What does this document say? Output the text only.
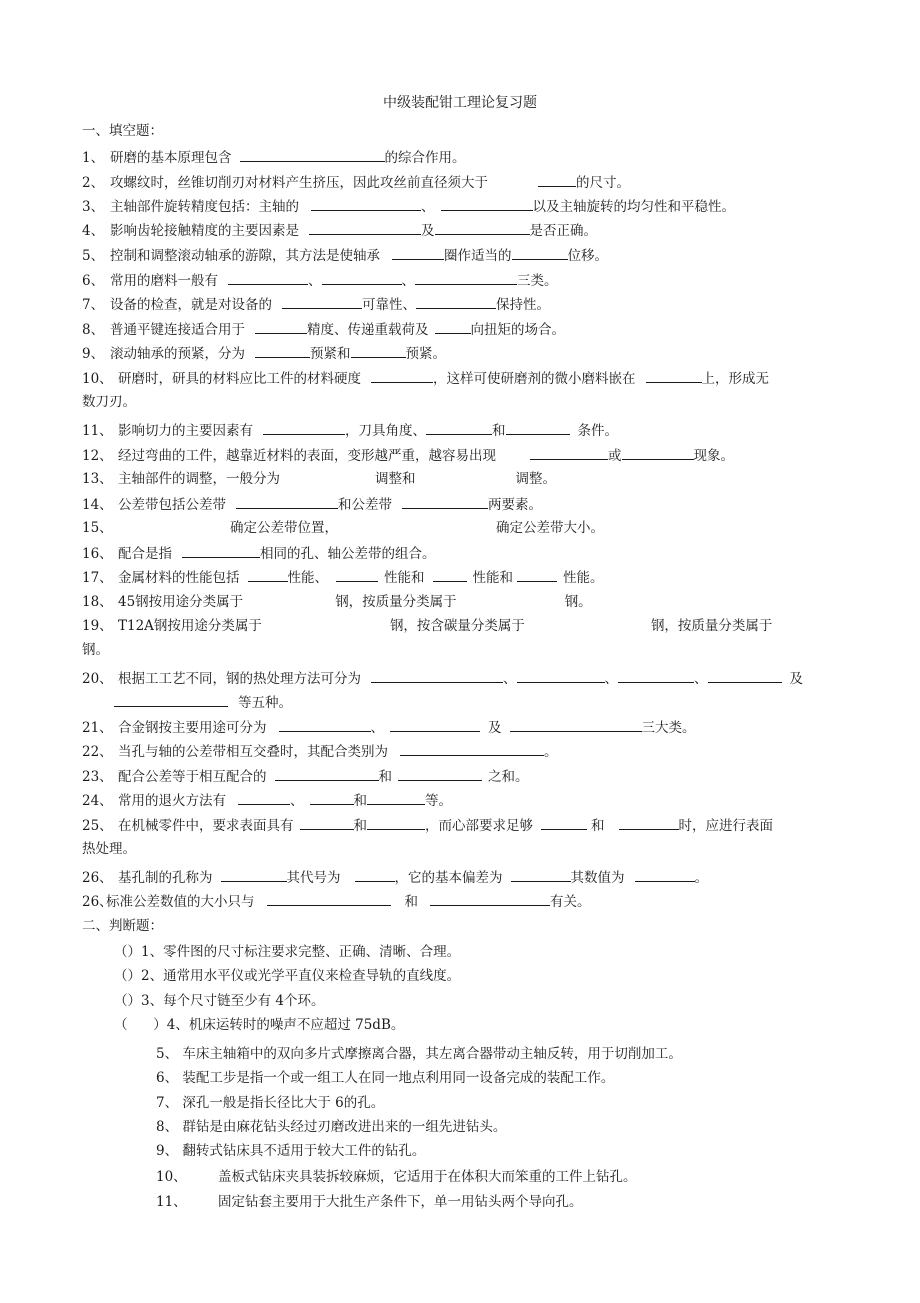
中级装配钳工理论复习题
一、填空题：
1、 研磨的基本原理包含	的综合作用。
2、 攻螺纹时，丝锥切削刃对材料产生挤压，因此攻丝前直径须大于	的尺寸。
3、 主轴部件旋转精度包括：主轴的	、	以及主轴旋转的均匀性和平稳性。
4、 影响齿轮接触精度的主要因素是	及	是否正确。
5、 控制和调整滚动轴承的游隙，其方法是使轴承	圈作适当的	位移。
6、 常用的磨料一般有	、	、	三类。
7、 设备的检查，就是对设备的	可靠性、	保持性。
8、 普通平键连接适合用于	精度、传递重载荷及	向扭矩的场合。
9、 滚动轴承的预紧，分为	预紧和	预紧。
10、 研磨时，研具的材料应比工件的材料硬度	，这样可使研磨剂的微小磨料嵌在	上，形成无
数刀刃。
11、 影响切力的主要因素有	，刀具角度、	和	条件。
12、 经过弯曲的工件，越靠近材料的表面，变形越严重，越容易出现	或	现象。
13、 主轴部件的调整，一般分为	调整和	调整。
14、 公差带包括公差带	和公差带	两要素。
15、	确定公差带位置，	确定公差带大小。
16、 配合是指	相同的孔、轴公差带的组合。
17、 金属材料的性能包括	性能、	性能和	性能和	性能。
18、 45钢按用途分类属于	钢，按质量分类属于	钢。
19、 T12A钢按用途分类属于	钢，按含碳量分类属于	钢，按质量分类属于
钢。
20、 根据工工艺不同，钢的热处理方法可分为	、	、	、	及
等五种。
21、 合金钢按主要用途可分为	、	及	三大类。
22、 当孔与轴的公差带相互交叠时，其配合类别为	。
23、 配合公差等于相互配合的	和	之和。
24、 常用的退火方法有	、	和	等。
25、 在机械零件中，要求表面具有	和	，而心部要求足够	和	时，应进行表面
热处理。
26、 基孔制的孔称为	其代号为	，它的基本偏差为	其数值为	。
26、标准公差数值的大小只与	和	有关。
二、判断题：
（）1、零件图的尺寸标注要求完整、正确、清晰、合理。
（）2、通常用水平仪或光学平直仪来检查导轨的直线度。
（）3、每个尺寸链至少有 4个环。
（      ）4、机床运转时的噪声不应超过 75dB。
5、 车床主轴箱中的双向多片式摩擦离合器，其左离合器带动主轴反转，用于切削加工。
6、 装配工步是指一个或一组工人在同一地点利用同一设备完成的装配工作。
7、 深孔一般是指长径比大于 6的孔。
8、 群钻是由麻花钻头经过刃磨改进出来的一组先进钻头。
9、 翻转式钻床具不适用于较大工件的钻孔。
10、 盖板式钻床夹具装拆较麻烦，它适用于在体积大而笨重的工件上钻孔。
11、 固定钻套主要用于大批生产条件下，单一用钻头两个导向孔。
